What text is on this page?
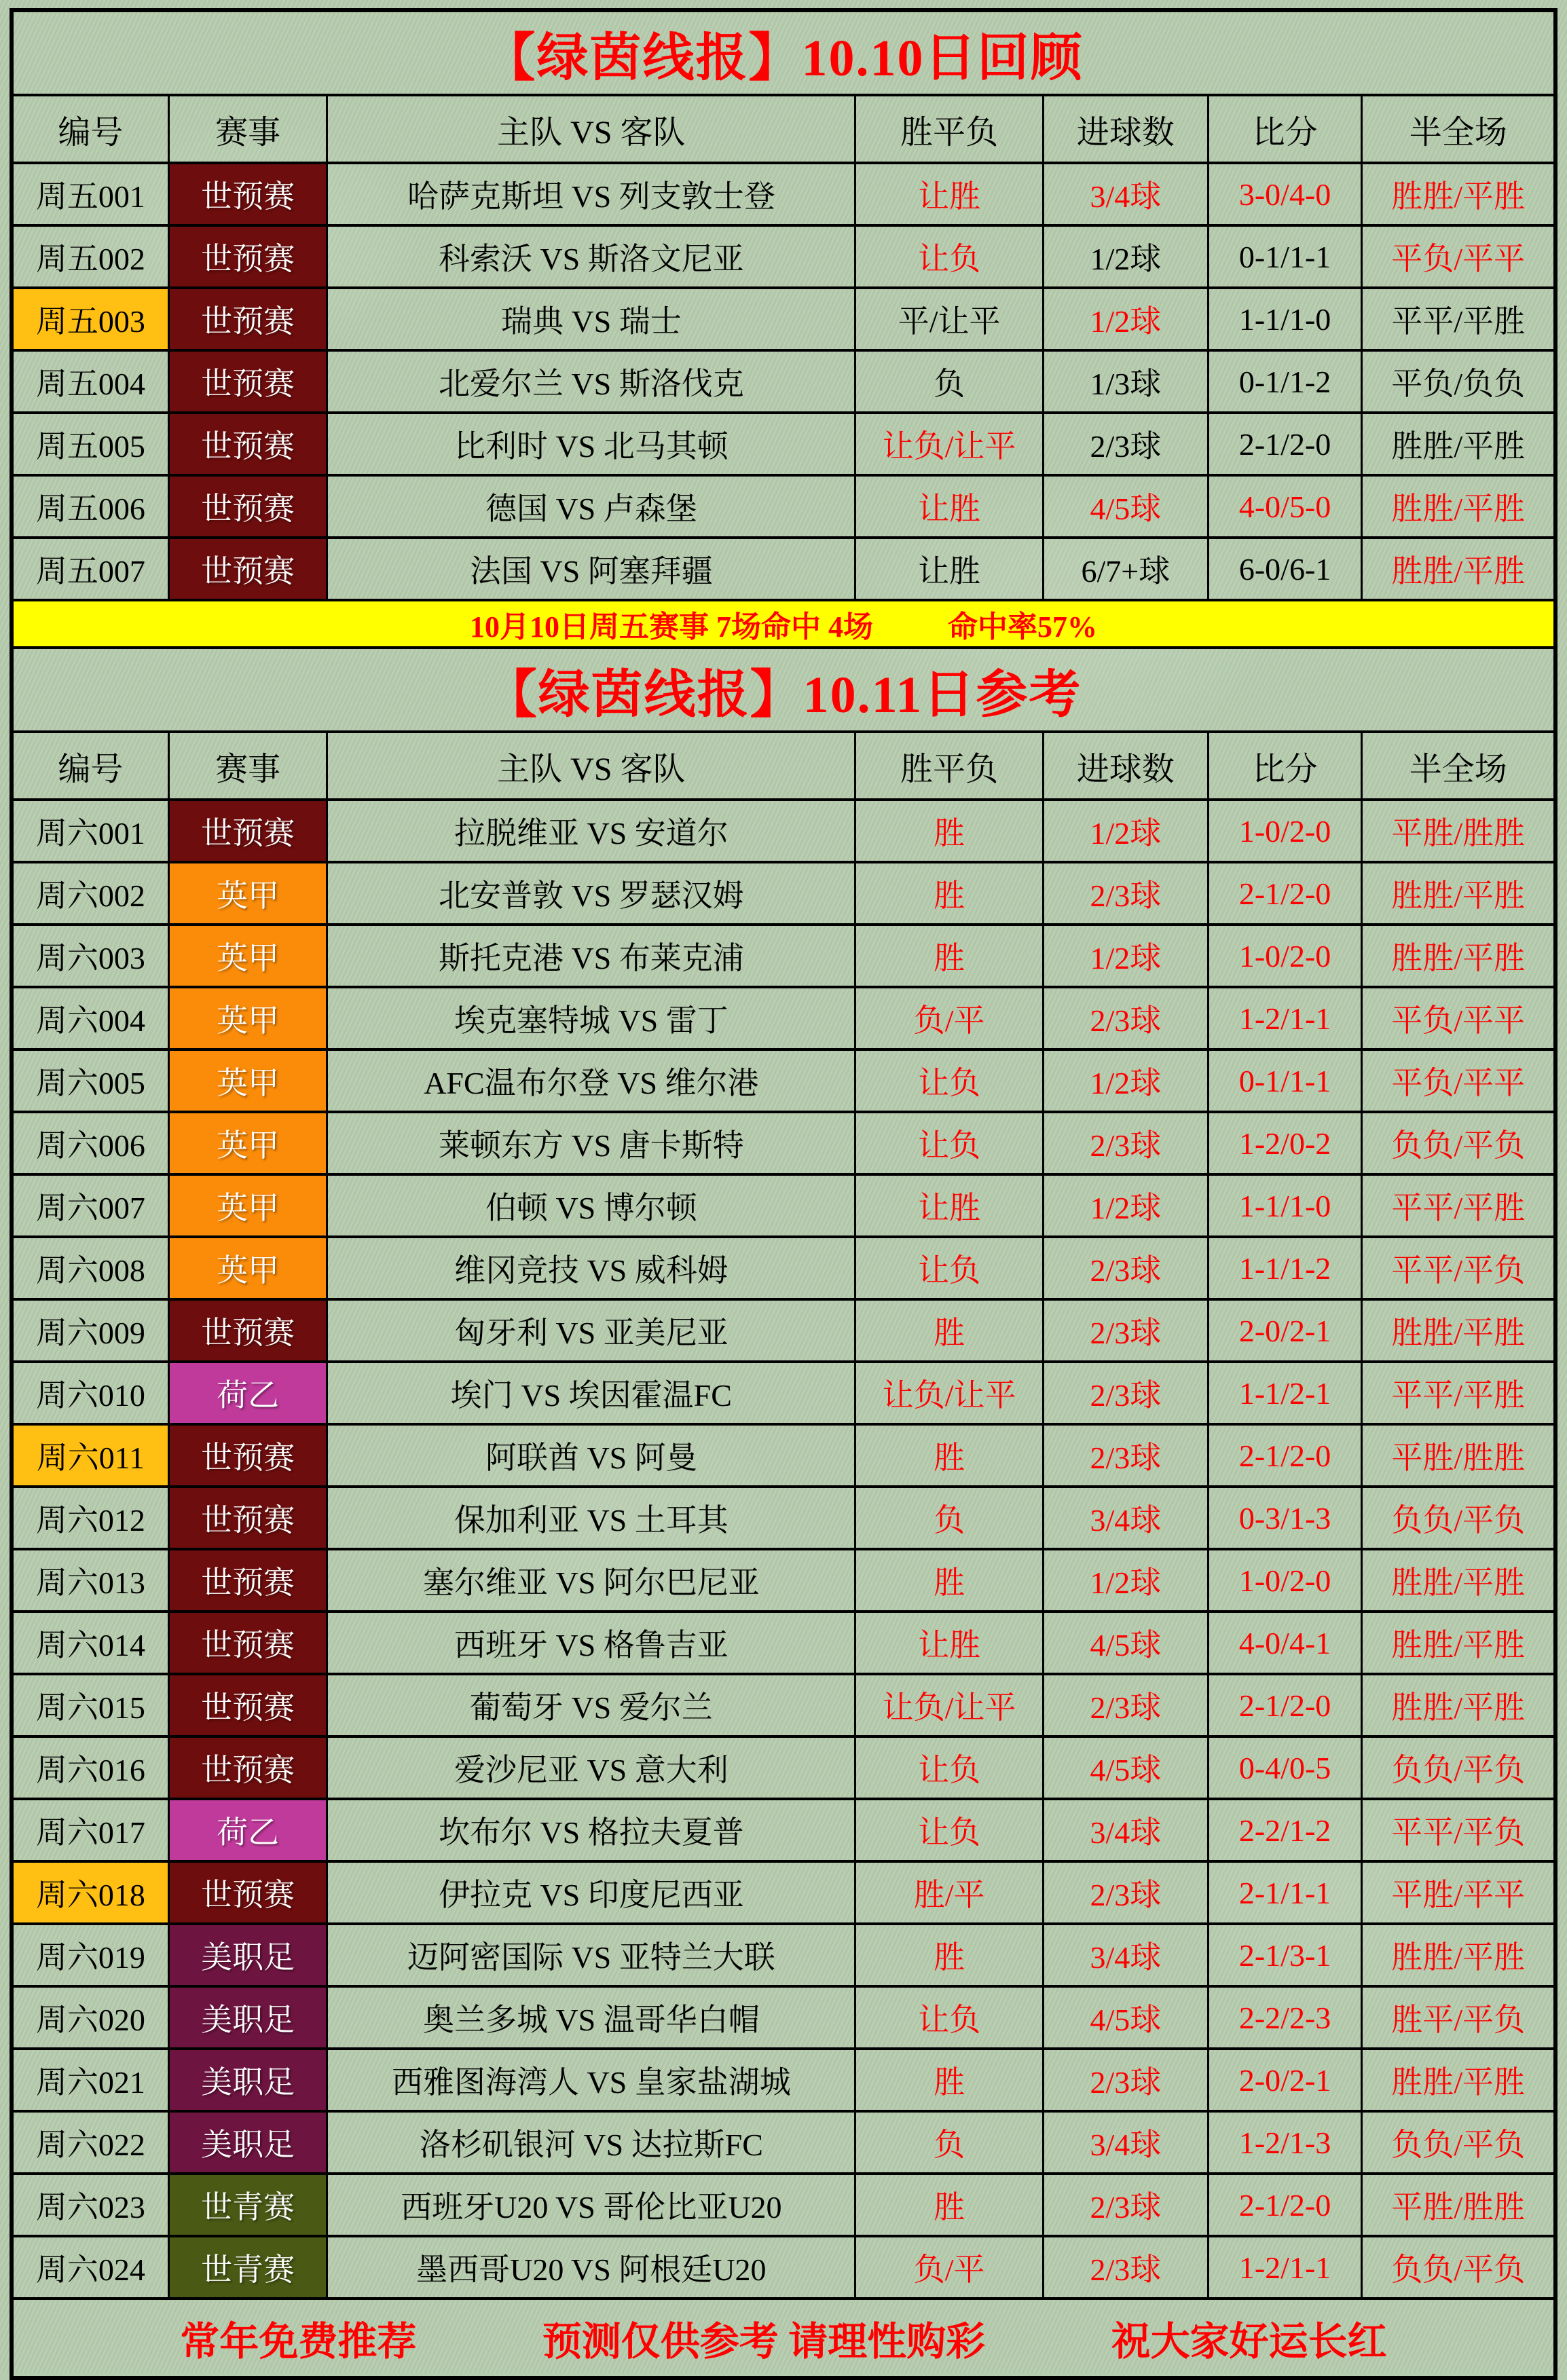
【绿茵线报】10.10日回顾
编号	赛事	主队 VS 客队	胜平负	进球数	比分	半全场
周五001	世预赛	哈萨克斯坦 VS 列支敦士登	让胜	3/4球	3-0/4-0	胜胜/平胜
周五002	世预赛	科索沃 VS 斯洛文尼亚	让负	1/2球	0-1/1-1	平负/平平
周五003	世预赛	瑞典 VS 瑞士	平/让平	1/2球	1-1/1-0	平平/平胜
周五004	世预赛	北爱尔兰 VS 斯洛伐克	负	1/3球	0-1/1-2	平负/负负
周五005	世预赛	比利时 VS 北马其顿	让负/让平	2/3球	2-1/2-0	胜胜/平胜
周五006	世预赛	德国 VS 卢森堡	让胜	4/5球	4-0/5-0	胜胜/平胜
周五007	世预赛	法国 VS 阿塞拜疆	让胜	6/7+球	6-0/6-1	胜胜/平胜
10月10日周五赛事 7场命中 4场	命中率57%
【绿茵线报】10.11日参考
编号	赛事	主队 VS 客队	胜平负	进球数	比分	半全场
周六001	世预赛	拉脱维亚 VS 安道尔	胜	1/2球	1-0/2-0	平胜/胜胜
周六002	英甲	北安普敦 VS 罗瑟汉姆	胜	2/3球	2-1/2-0	胜胜/平胜
周六003	英甲	斯托克港 VS 布莱克浦	胜	1/2球	1-0/2-0	胜胜/平胜
周六004	英甲	埃克塞特城 VS 雷丁	负/平	2/3球	1-2/1-1	平负/平平
周六005	英甲	AFC温布尔登 VS 维尔港	让负	1/2球	0-1/1-1	平负/平平
周六006	英甲	莱顿东方 VS 唐卡斯特	让负	2/3球	1-2/0-2	负负/平负
周六007	英甲	伯顿 VS 博尔顿	让胜	1/2球	1-1/1-0	平平/平胜
周六008	英甲	维冈竞技 VS 威科姆	让负	2/3球	1-1/1-2	平平/平负
周六009	世预赛	匈牙利 VS 亚美尼亚	胜	2/3球	2-0/2-1	胜胜/平胜
周六010	荷乙	埃门 VS 埃因霍温FC	让负/让平	2/3球	1-1/2-1	平平/平胜
周六011	世预赛	阿联酋 VS 阿曼	胜	2/3球	2-1/2-0	平胜/胜胜
周六012	世预赛	保加利亚 VS 土耳其	负	3/4球	0-3/1-3	负负/平负
周六013	世预赛	塞尔维亚 VS 阿尔巴尼亚	胜	1/2球	1-0/2-0	胜胜/平胜
周六014	世预赛	西班牙 VS 格鲁吉亚	让胜	4/5球	4-0/4-1	胜胜/平胜
周六015	世预赛	葡萄牙 VS 爱尔兰	让负/让平	2/3球	2-1/2-0	胜胜/平胜
周六016	世预赛	爱沙尼亚 VS 意大利	让负	4/5球	0-4/0-5	负负/平负
周六017	荷乙	坎布尔 VS 格拉夫夏普	让负	3/4球	2-2/1-2	平平/平负
周六018	世预赛	伊拉克 VS 印度尼西亚	胜/平	2/3球	2-1/1-1	平胜/平平
周六019	美职足	迈阿密国际 VS 亚特兰大联	胜	3/4球	2-1/3-1	胜胜/平胜
周六020	美职足	奥兰多城 VS 温哥华白帽	让负	4/5球	2-2/2-3	胜平/平负
周六021	美职足	西雅图海湾人 VS 皇家盐湖城	胜	2/3球	2-0/2-1	胜胜/平胜
周六022	美职足	洛杉矶银河 VS 达拉斯FC	负	3/4球	1-2/1-3	负负/平负
周六023	世青赛	西班牙U20 VS 哥伦比亚U20	胜	2/3球	2-1/2-0	平胜/胜胜
周六024	世青赛	墨西哥U20 VS 阿根廷U20	负/平	2/3球	1-2/1-1	负负/平负
常年免费推荐	预测仅供参考 请理性购彩	祝大家好运长红
